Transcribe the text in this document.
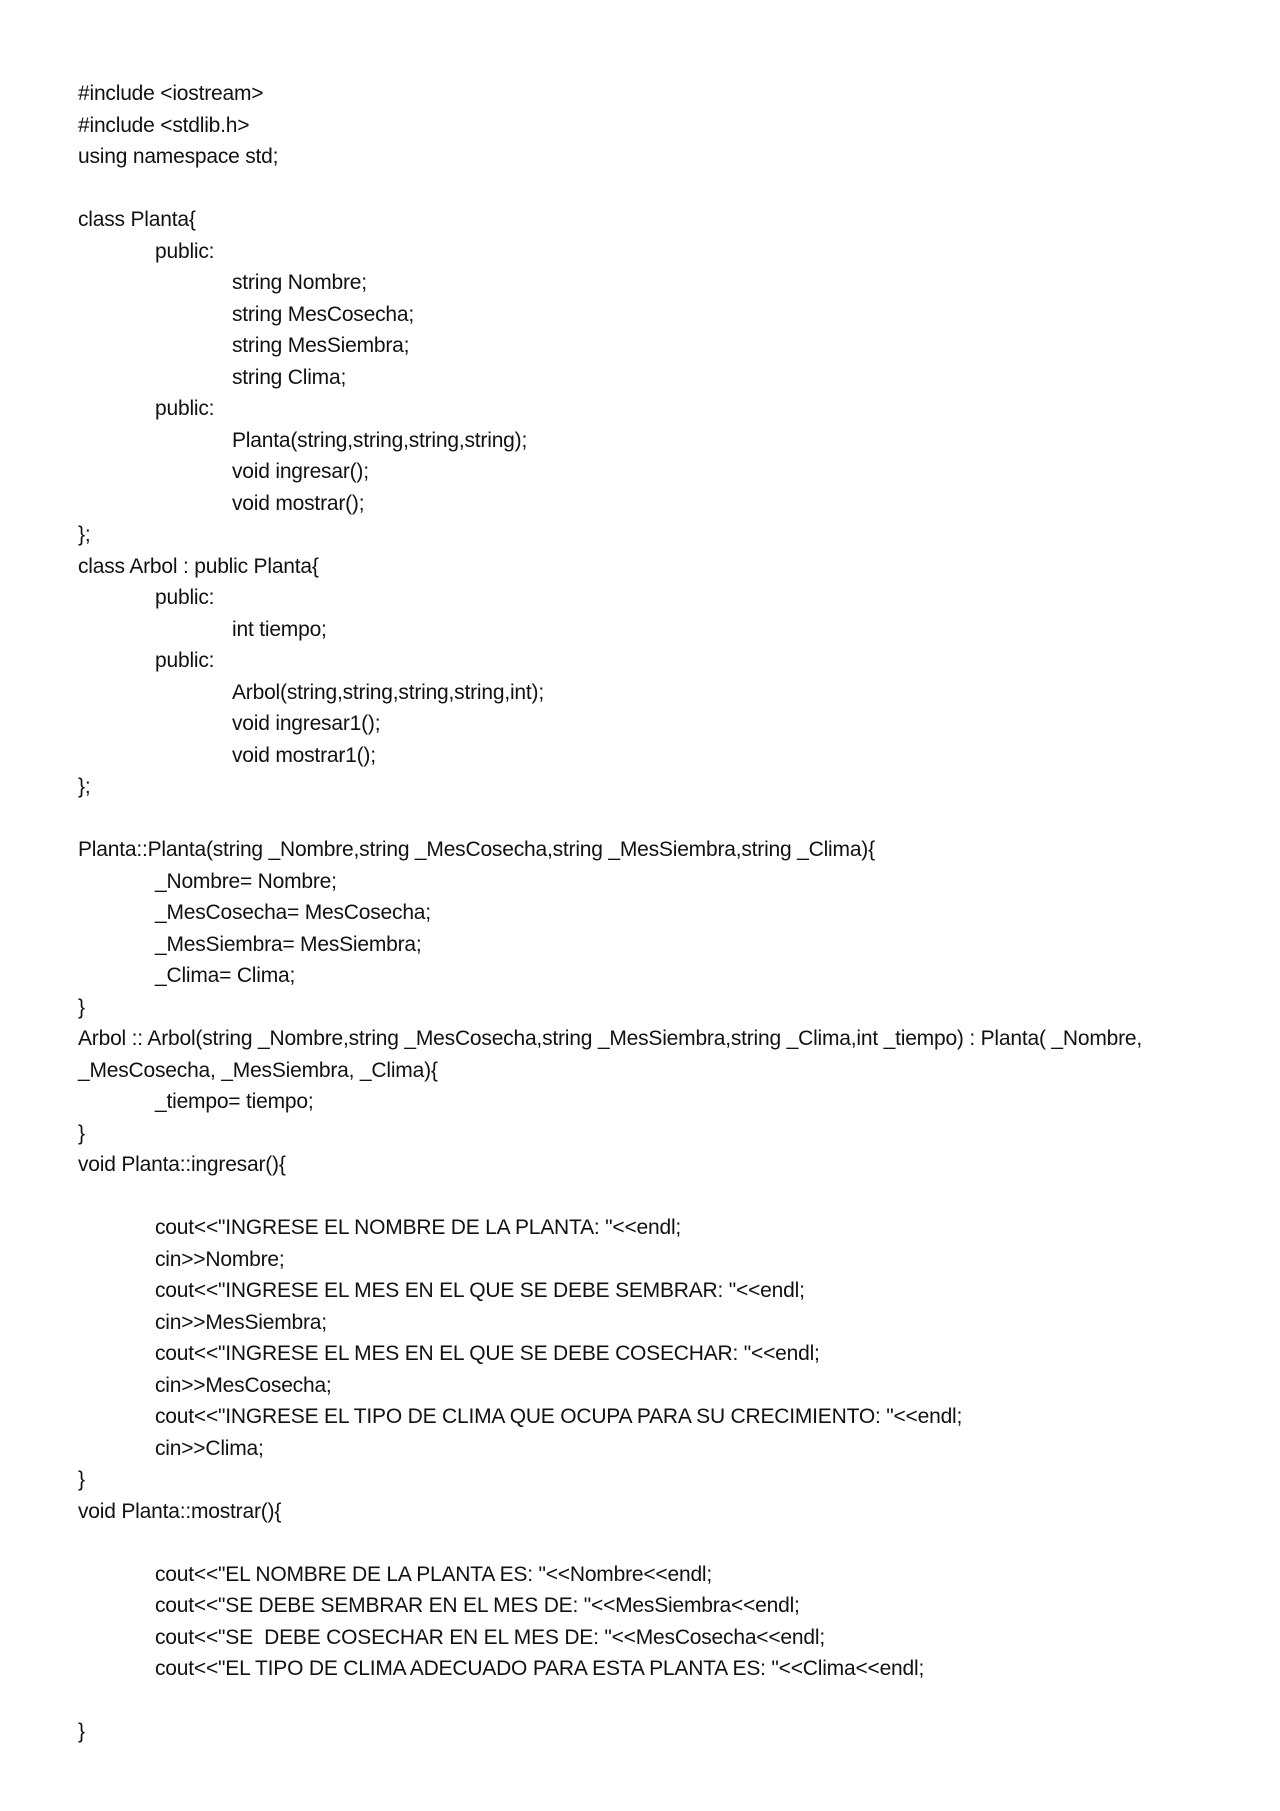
#include <iostream>
#include <stdlib.h>
using namespace std;
class Planta{
public:
string Nombre;
string MesCosecha;
string MesSiembra;
string Clima;
public:
Planta(string,string,string,string);
void ingresar();
void mostrar();
};
class Arbol : public Planta{
public:
int tiempo;
public:
Arbol(string,string,string,string,int);
void ingresar1();
void mostrar1();
};
Planta::Planta(string _Nombre,string _MesCosecha,string _MesSiembra,string _Clima){
_Nombre= Nombre;
_MesCosecha= MesCosecha;
_MesSiembra= MesSiembra;
_Clima= Clima;
}
Arbol :: Arbol(string _Nombre,string _MesCosecha,string _MesSiembra,string _Clima,int _tiempo) : Planta( _Nombre,
_MesCosecha, _MesSiembra, _Clima){
_tiempo= tiempo;
}
void Planta::ingresar(){
cout<<"INGRESE EL NOMBRE DE LA PLANTA: "<<endl;
cin>>Nombre;
cout<<"INGRESE EL MES EN EL QUE SE DEBE SEMBRAR: "<<endl;
cin>>MesSiembra;
cout<<"INGRESE EL MES EN EL QUE SE DEBE COSECHAR: "<<endl;
cin>>MesCosecha;
cout<<"INGRESE EL TIPO DE CLIMA QUE OCUPA PARA SU CRECIMIENTO: "<<endl;
cin>>Clima;
}
void Planta::mostrar(){
cout<<"EL NOMBRE DE LA PLANTA ES: "<<Nombre<<endl;
cout<<"SE DEBE SEMBRAR EN EL MES DE: "<<MesSiembra<<endl;
cout<<"SE  DEBE COSECHAR EN EL MES DE: "<<MesCosecha<<endl;
cout<<"EL TIPO DE CLIMA ADECUADO PARA ESTA PLANTA ES: "<<Clima<<endl;
}
